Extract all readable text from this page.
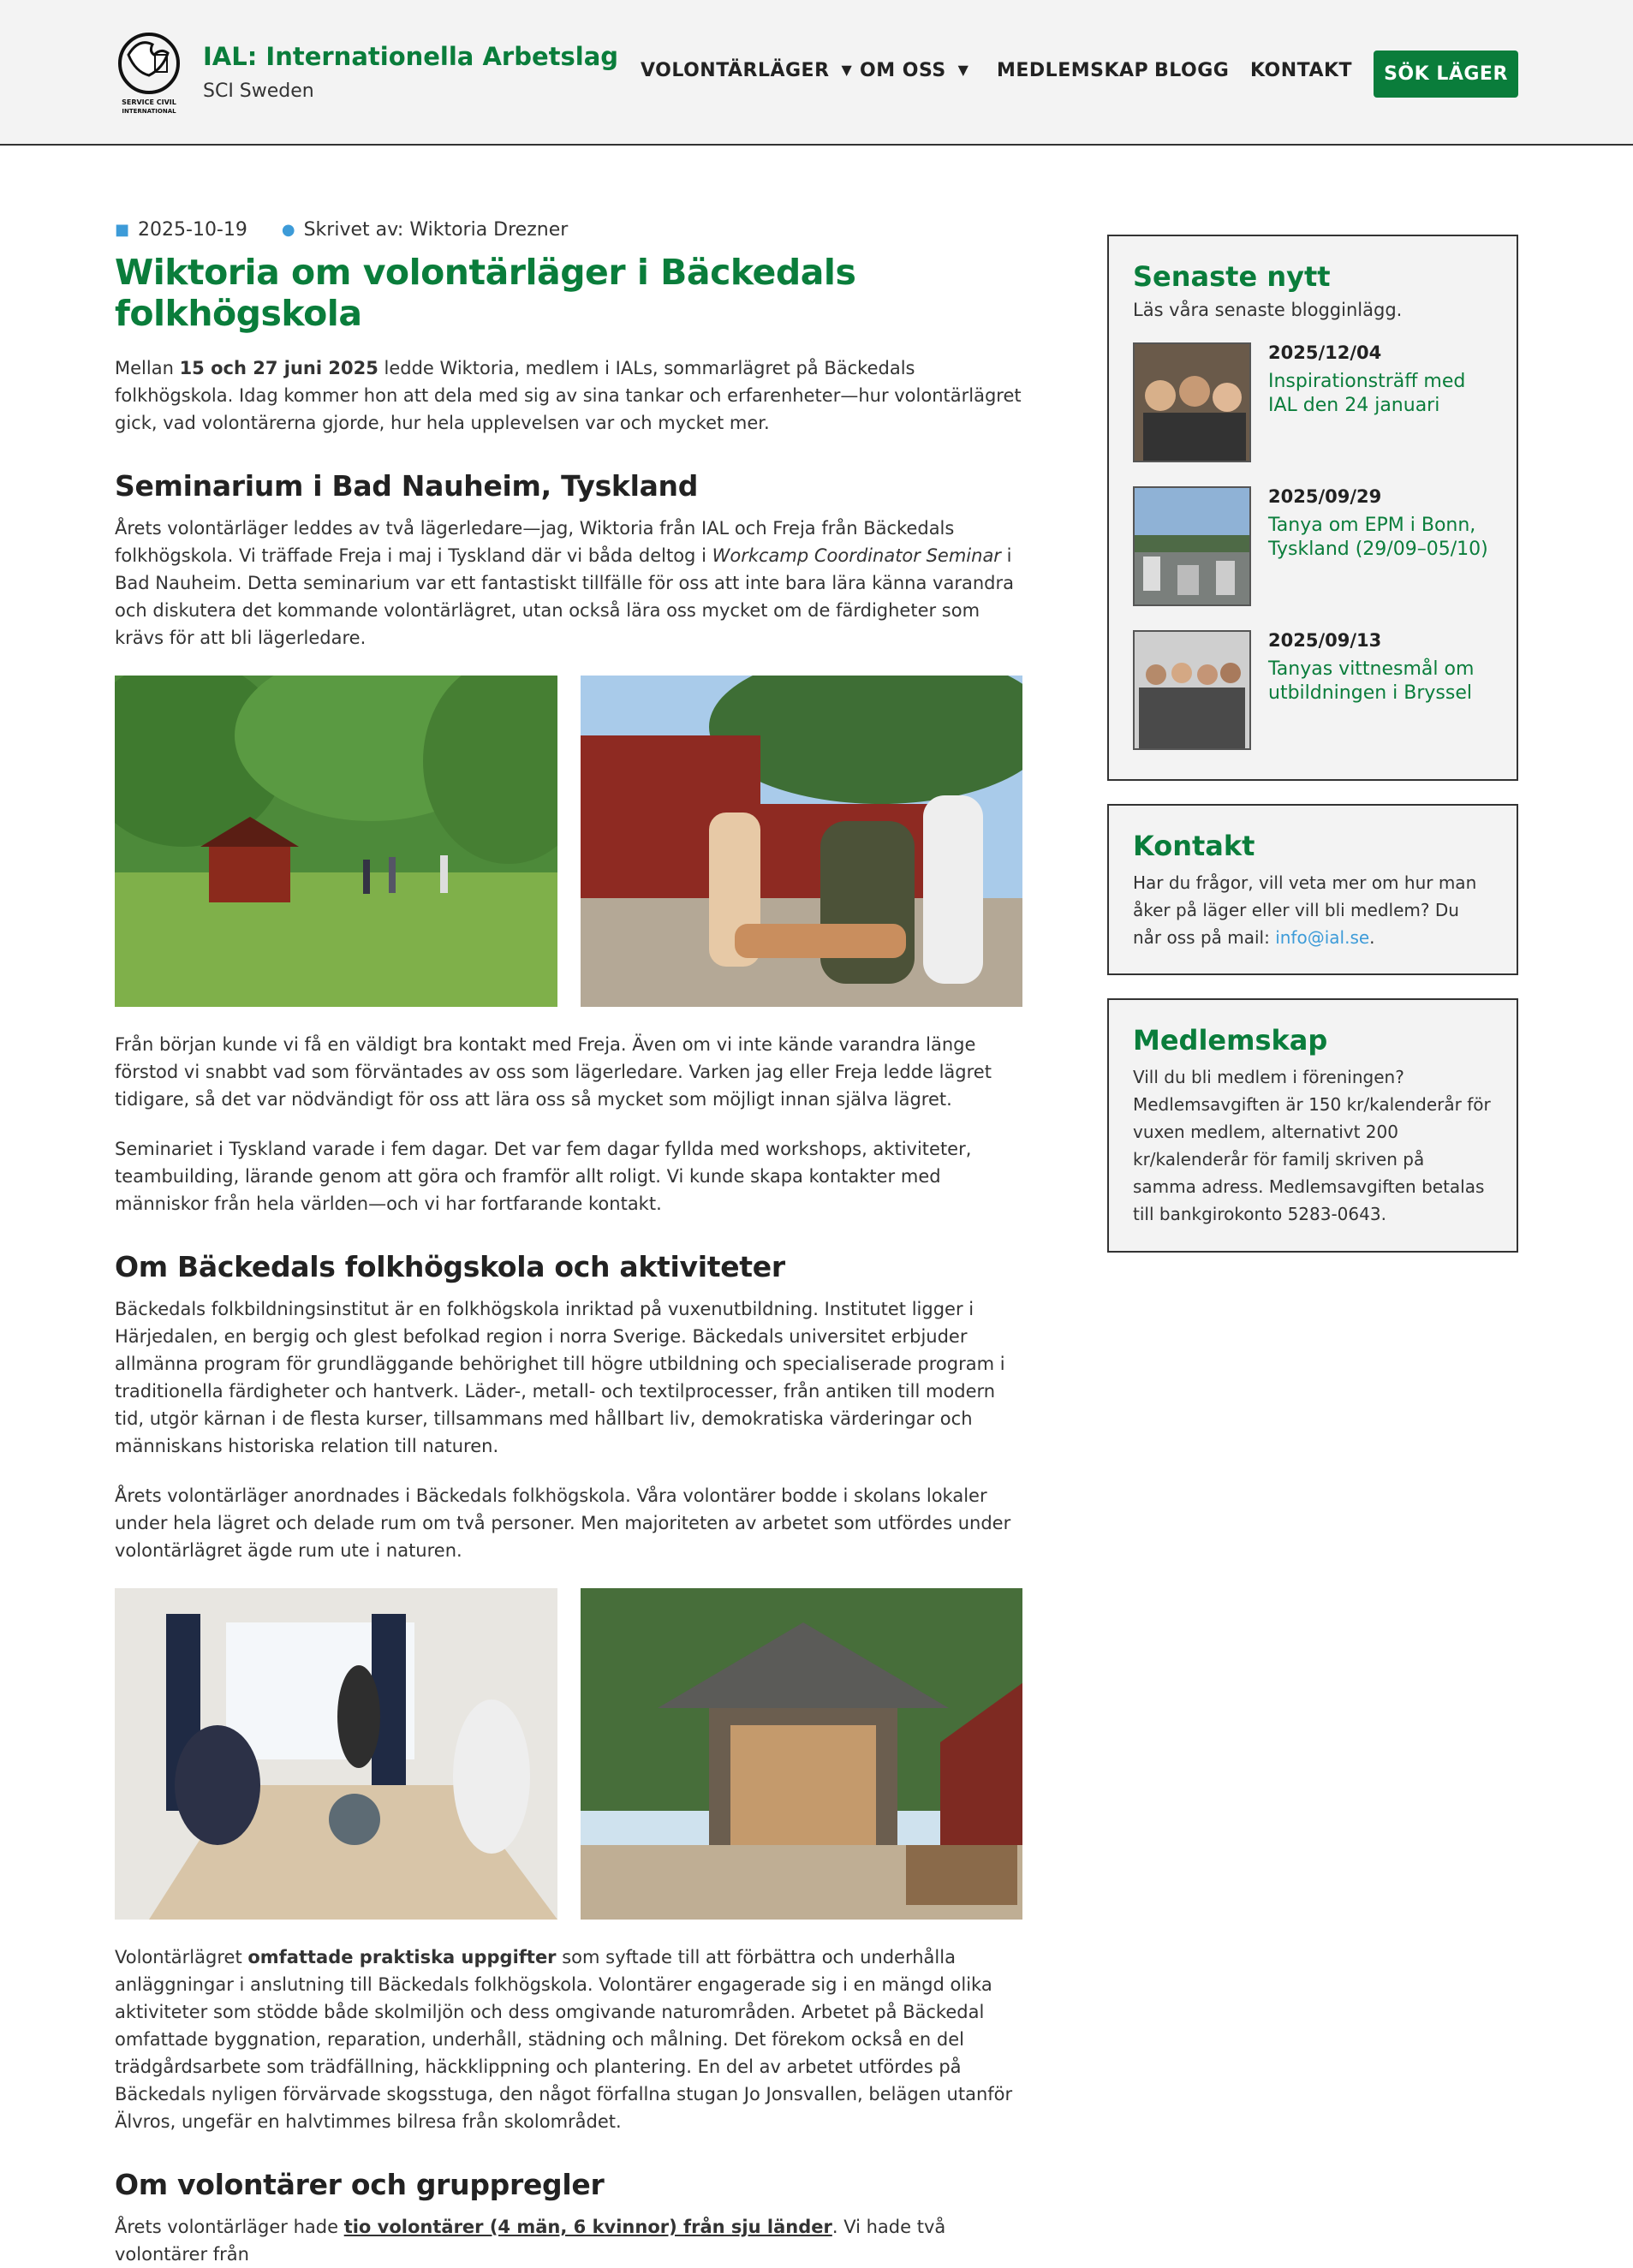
SERVICE CIVIL
INTERNATIONAL
IAL: Internationella Arbetslag
SCI Sweden
VOLONTÄRLÄGER ▼ OM OSS ▼ MEDLEMSKAP BLOGG KONTAKT	SÖK LÄGER
■ 2025-10-19 ● Skrivet av: Wiktoria Drezner
Wiktoria om volontärläger i Bäckedals folkhögskola

Mellan 15 och 27 juni 2025 ledde Wiktoria, medlem i IALs, sommarlägret på Bäckedals folkhögskola. Idag kommer hon att dela med sig av sina tankar och erfarenheter—hur volontärlägret gick, vad volontärerna gjorde, hur hela upplevelsen var och mycket mer.

Seminarium i Bad Nauheim, Tyskland

Årets volontärläger leddes av två lägerledare—jag, Wiktoria från IAL och Freja från Bäckedals folkhögskola. Vi träffade Freja i maj i Tyskland där vi båda deltog i Workcamp Coordinator Seminar i Bad Nauheim. Detta seminarium var ett fantastiskt tillfälle för oss att inte bara lära känna varandra och diskutera det kommande volontärlägret, utan också lära oss mycket om de färdigheter som krävs för att bli lägerledare.

Från början kunde vi få en väldigt bra kontakt med Freja. Även om vi inte kände varandra länge förstod vi snabbt vad som förväntades av oss som lägerledare. Varken jag eller Freja ledde lägret tidigare, så det var nödvändigt för oss att lära oss så mycket som möjligt innan själva lägret.

Seminariet i Tyskland varade i fem dagar. Det var fem dagar fyllda med workshops, aktiviteter, teambuilding, lärande genom att göra och framför allt roligt. Vi kunde skapa kontakter med människor från hela världen—och vi har fortfarande kontakt.

Om Bäckedals folkhögskola och aktiviteter

Bäckedals folkbildningsinstitut är en folkhögskola inriktad på vuxenutbildning. Institutet ligger i Härjedalen, en bergig och glest befolkad region i norra Sverige. Bäckedals universitet erbjuder allmänna program för grundläggande behörighet till högre utbildning och specialiserade program i traditionella färdigheter och hantverk. Läder-, metall- och textilprocesser, från antiken till modern tid, utgör kärnan i de flesta kurser, tillsammans med hållbart liv, demokratiska värderingar och människans historiska relation till naturen.

Årets volontärläger anordnades i Bäckedals folkhögskola. Våra volontärer bodde i skolans lokaler under hela lägret och delade rum om två personer. Men majoriteten av arbetet som utfördes under volontärlägret ägde rum ute i naturen.

Volontärlägret omfattade praktiska uppgifter som syftade till att förbättra och underhålla anläggningar i anslutning till Bäckedals folkhögskola. Volontärer engagerade sig i en mängd olika aktiviteter som stödde både skolmiljön och dess omgivande naturområden. Arbetet på Bäckedal omfattade byggnation, reparation, underhåll, städning och målning. Det förekom också en del trädgårdsarbete som trädfällning, häckklippning och plantering. En del av arbetet utfördes på Bäckedals nyligen förvärvade skogsstuga, den något förfallna stugan Jo Jonsvallen, belägen utanför Älvros, ungefär en halvtimmes bilresa från skolområdet.

Om volontärer och gruppregler

Årets volontärläger hade tio volontärer (4 män, 6 kvinnor) från sju länder. Vi hade två volontärer från

Senaste nytt
Läs våra senaste blogginlägg.
2025/12/04
Inspirationsträff med IAL den 24 januari
2025/09/29
Tanya om EPM i Bonn, Tyskland (29/09–05/10)
2025/09/13
Tanyas vittnesmål om utbildningen i Bryssel
Kontakt

Har du frågor, vill veta mer om hur man åker på läger eller vill bli medlem? Du når oss på mail: info@ial.se.

Medlemskap

Vill du bli medlem i föreningen? Medlemsavgiften är 150 kr/kalenderår för vuxen medlem, alternativt 200 kr/kalenderår för familj skriven på samma adress. Medlemsavgiften betalas till bankgirokonto 5283-0643.
